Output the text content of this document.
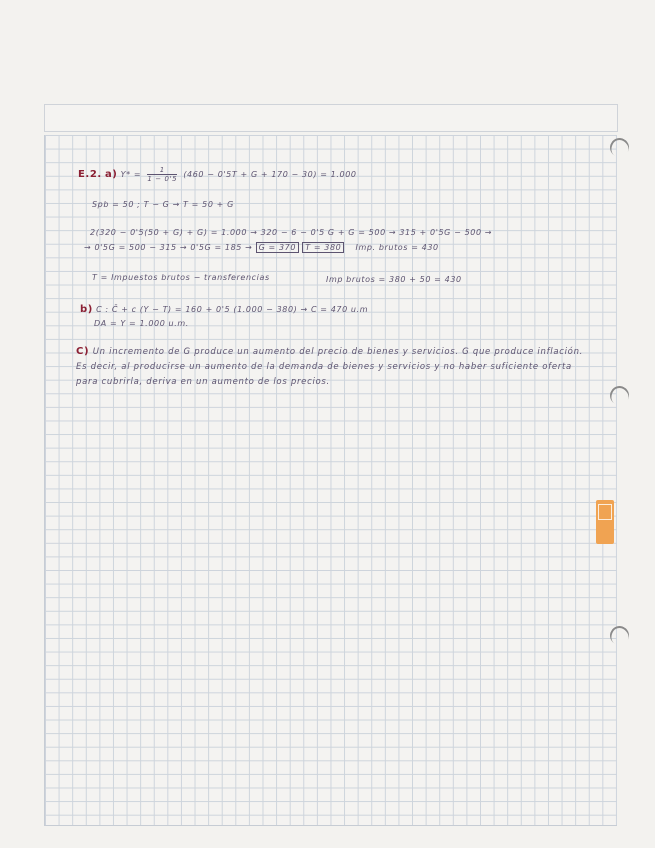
E.2. a) $Y* = \frac{1}{1 - 0'5} (460 - 0'5T + G + 170 - 30) = 1.000$
Spb = 50 ; T − G → T = 50 + G
2(320 − 0'5(50 + G) + G) = 1.000 → 320 − 6 − 0'5 G + G = 500 → 315 + 0'5G − 500 →
→ 0'5G = 500 − 315 → 0'5G = 185 → G = 370 T = 380 Imp. brutos = 430
T = Impuestos brutos − transferencias	Imp brutos = 380 + 50 = 430
b) C : C̄ + c (Y − T) = 160 + 0'5 (1.000 − 380) → C = 470 u.m
DA = Y = 1.000 u.m.

C) Un incremento de G produce un aumento del precio de bienes y servicios. G que produce inflación. Es decir, al producirse un aumento de la demanda de bienes y servicios y no haber suficiente oferta para cubrirla, deriva en un aumento de los precios.
